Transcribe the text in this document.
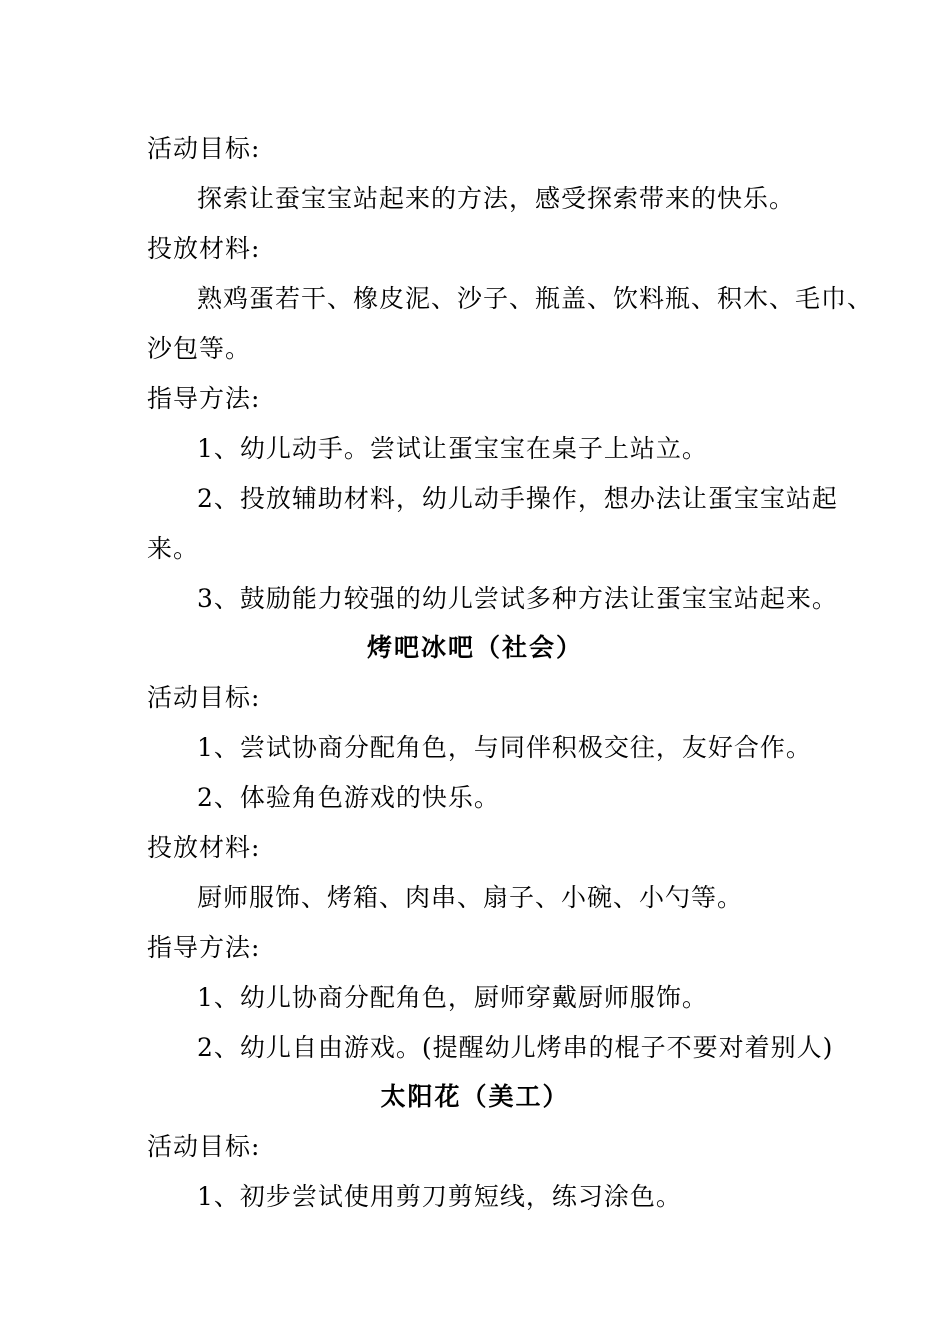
活动目标:
探索让蚕宝宝站起来的方法，感受探索带来的快乐。
投放材料:
熟鸡蛋若干、橡皮泥、沙子、瓶盖、饮料瓶、积木、毛巾、
沙包等。
指导方法:
1、幼儿动手。尝试让蛋宝宝在桌子上站立。
2、投放辅助材料，幼儿动手操作，想办法让蛋宝宝站起
来。
3、鼓励能力较强的幼儿尝试多种方法让蛋宝宝站起来。
烤吧冰吧（社会）
活动目标:
1、尝试协商分配角色，与同伴积极交往，友好合作。
2、体验角色游戏的快乐。
投放材料:
厨师服饰、烤箱、肉串、扇子、小碗、小勺等。
指导方法:
1、幼儿协商分配角色，厨师穿戴厨师服饰。
2、幼儿自由游戏。(提醒幼儿烤串的棍子不要对着别人)
太阳花（美工）
活动目标:
1、初步尝试使用剪刀剪短线，练习涂色。
